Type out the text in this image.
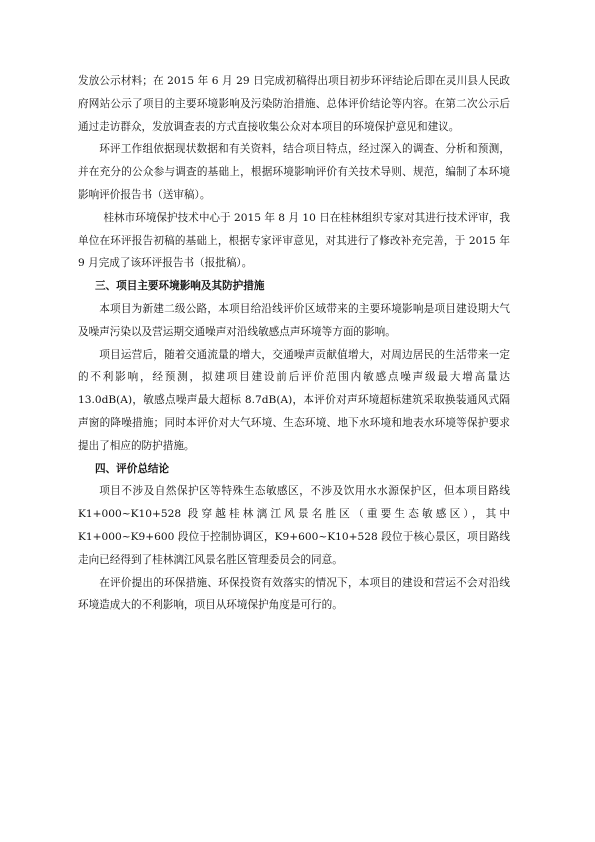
发放公示材料；在 2015 年 6 月 29 日完成初稿得出项目初步环评结论后即在灵川县人民政府网站公示了项目的主要环境影响及污染防治措施、总体评价结论等内容。在第二次公示后通过走访群众，发放调查表的方式直接收集公众对本项目的环境保护意见和建议。

环评工作组依据现状数据和有关资料，结合项目特点，经过深入的调查、分析和预测，并在充分的公众参与调查的基础上，根据环境影响评价有关技术导则、规范，编制了本环境影响评价报告书（送审稿）。

桂林市环境保护技术中心于 2015 年 8 月 10 日在桂林组织专家对其进行技术评审，我单位在环评报告初稿的基础上，根据专家评审意见，对其进行了修改补充完善，于 2015 年 9 月完成了该环评报告书（报批稿）。

三、项目主要环境影响及其防护措施

本项目为新建二级公路，本项目给沿线评价区域带来的主要环境影响是项目建设期大气及噪声污染以及营运期交通噪声对沿线敏感点声环境等方面的影响。

项目运营后，随着交通流量的增大，交通噪声贡献值增大，对周边居民的生活带来一定的不利影响，经预测，拟建项目建设前后评价范围内敏感点噪声级最大增高量达 13.0dB(A)，敏感点噪声最大超标 8.7dB(A)，本评价对声环境超标建筑采取换装通风式隔声窗的降噪措施；同时本评价对大气环境、生态环境、地下水环境和地表水环境等保护要求提出了相应的防护措施。

四、评价总结论

项目不涉及自然保护区等特殊生态敏感区，不涉及饮用水水源保护区，但本项目路线 K1+000~K10+528 段穿越桂林漓江风景名胜区（重要生态敏感区），其中 K1+000~K9+600 段位于控制协调区，K9+600~K10+528 段位于核心景区，项目路线走向已经得到了桂林漓江风景名胜区管理委员会的同意。

在评价提出的环保措施、环保投资有效落实的情况下，本项目的建设和营运不会对沿线环境造成大的不利影响，项目从环境保护角度是可行的。
